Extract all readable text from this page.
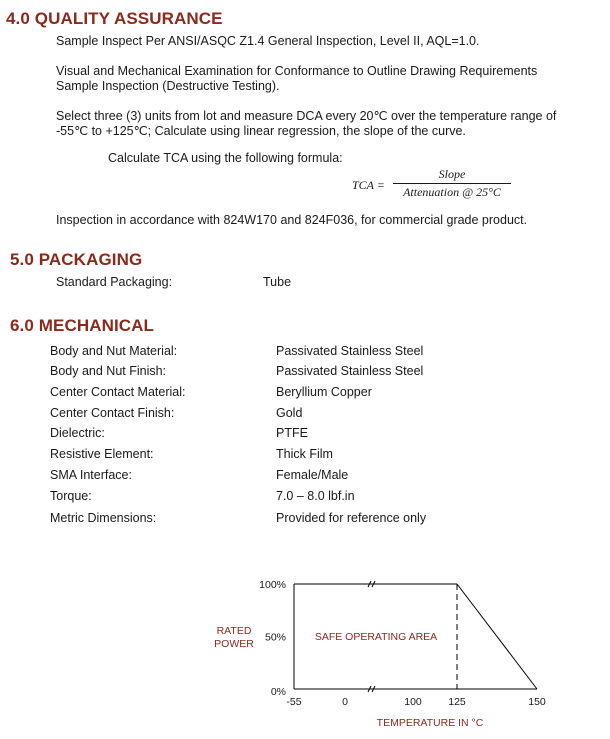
4.0 QUALITY ASSURANCE

Sample Inspect Per ANSI/ASQC Z1.4 General Inspection, Level II, AQL=1.0.

Visual and Mechanical Examination for Conformance to Outline Drawing Requirements

Sample Inspection (Destructive Testing).

Select three (3) units from lot and measure DCA every 20℃ over the temperature range of

-55℃ to +125℃; Calculate using linear regression, the slope of the curve.

Calculate TCA using the following formula:

TCA =
Slope
Attenuation @ 25°C

Inspection in accordance with 824W170 and 824F036, for commercial grade product.

5.0 PACKAGING
Standard Packaging:	Tube
6.0 MECHANICAL
Body and Nut Material:	Passivated Stainless Steel
Body and Nut Finish:	Passivated Stainless Steel
Center Contact Material:	Beryllium Copper
Center Contact Finish:	Gold
Dielectric:	PTFE
Resistive Element:	Thick Film
SMA Interface:	Female/Male
Torque:	7.0 – 8.0 lbf.in
Metric Dimensions:	Provided for reference only
0%
50%
100%
-55	0	100	125	150
RATED
POWER
TEMPERATURE IN °C
SAFE OPERATING AREA
